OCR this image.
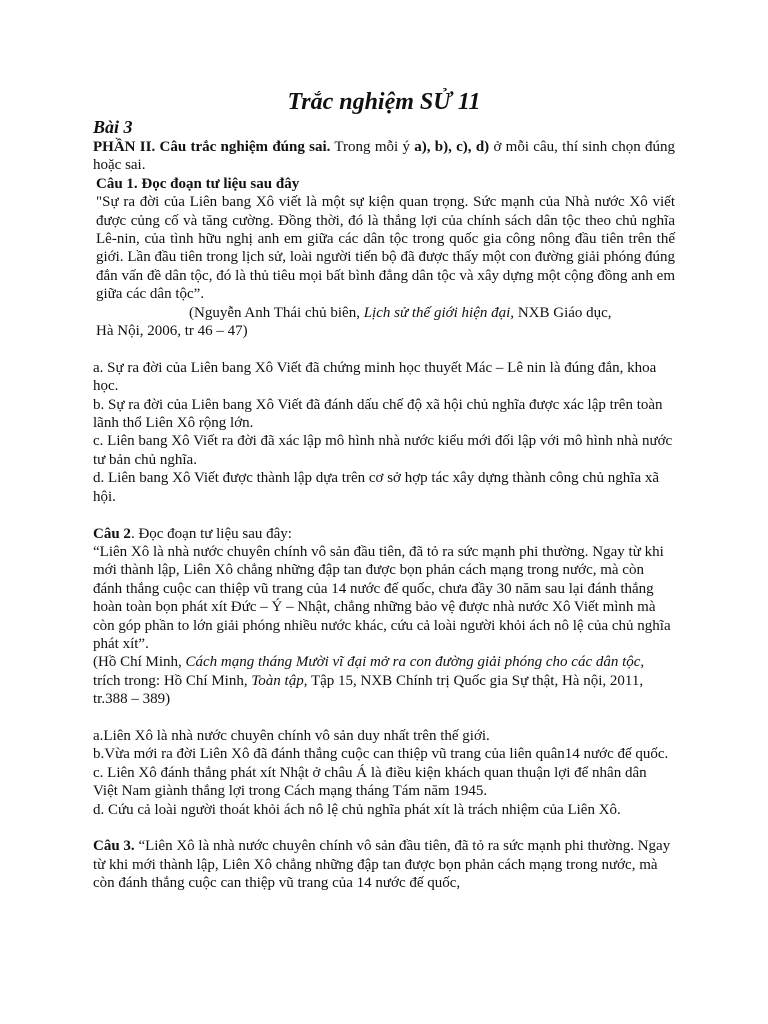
Trắc nghiệm SỬ 11
Bài 3

PHẦN II. Câu trắc nghiệm đúng sai. Trong mỗi ý a), b), c), d) ở mỗi câu, thí sinh chọn đúng hoặc sai.

Câu 1. Đọc đoạn tư liệu sau đây

"Sự ra đời của Liên bang Xô viết là một sự kiện quan trọng. Sức mạnh của Nhà nước Xô viết được củng cố và tăng cường. Đồng thời, đó là thắng lợi của chính sách dân tộc theo chủ nghĩa Lê-nin, của tình hữu nghị anh em giữa các dân tộc trong quốc gia công nông đầu tiên trên thế giới. Lần đầu tiên trong lịch sử, loài người tiến bộ đã được thấy một con đường giải phóng đúng đắn vấn đề dân tộc, đó là thủ tiêu mọi bất bình đẳng dân tộc và xây dựng một cộng đồng anh em giữa các dân tộc”.

(Nguyễn Anh Thái chủ biên, Lịch sử thế giới hiện đại, NXB Giáo dục,

Hà Nội, 2006, tr 46 – 47)

a. Sự ra đời của Liên bang Xô Viết đã chứng minh học thuyết Mác – Lê nin là đúng đắn, khoa học.

b. Sự ra đời của Liên bang Xô Viết đã đánh dấu chế độ xã hội chủ nghĩa được xác lập trên toàn lãnh thổ Liên Xô rộng lớn.

c. Liên bang Xô Viết ra đời đã xác lập mô hình nhà nước kiểu mới đối lập với mô hình nhà nước tư bản chủ nghĩa.

d. Liên bang Xô Viết được thành lập dựa trên cơ sở hợp tác xây dựng thành công chủ nghĩa xã hội.

Câu 2. Đọc đoạn tư liệu sau đây:

“Liên Xô là nhà nước chuyên chính vô sản đầu tiên, đã tỏ ra sức mạnh phi thường. Ngay từ khi mới thành lập, Liên Xô chẳng những đập tan được bọn phản cách mạng trong nước, mà còn đánh thắng cuộc can thiệp vũ trang của 14 nước đế quốc, chưa đầy 30 năm sau lại đánh thắng hoàn toàn bọn phát xít Đức – Ý – Nhật, chẳng những bảo vệ được nhà nước Xô Viết mình mà còn góp phần to lớn giải phóng nhiều nước khác, cứu cả loài người khỏi ách nô lệ của chủ nghĩa phát xít”.

(Hồ Chí Minh, Cách mạng tháng Mười vĩ đại mở ra con đường giải phóng cho các dân tộc, trích trong: Hồ Chí Minh, Toàn tập, Tập 15, NXB Chính trị Quốc gia Sự thật, Hà nội, 2011, tr.388 – 389)

a.Liên Xô là nhà nước chuyên chính vô sản duy nhất trên thế giới.

b.Vừa mới ra đời Liên Xô đã đánh thắng cuộc can thiệp vũ trang của liên quân14 nước đế quốc.

c. Liên Xô đánh thắng phát xít Nhật ở châu Á là điều kiện khách quan thuận lợi để nhân dân Việt Nam giành thắng lợi trong Cách mạng tháng Tám năm 1945.

d. Cứu cả loài người thoát khỏi ách nô lệ chủ nghĩa phát xít là trách nhiệm của Liên Xô.

Câu 3. “Liên Xô là nhà nước chuyên chính vô sản đầu tiên, đã tỏ ra sức mạnh phi thường. Ngay từ khi mới thành lập, Liên Xô chẳng những đập tan được bọn phản cách mạng trong nước, mà còn đánh thắng cuộc can thiệp vũ trang của 14 nước đế quốc,
